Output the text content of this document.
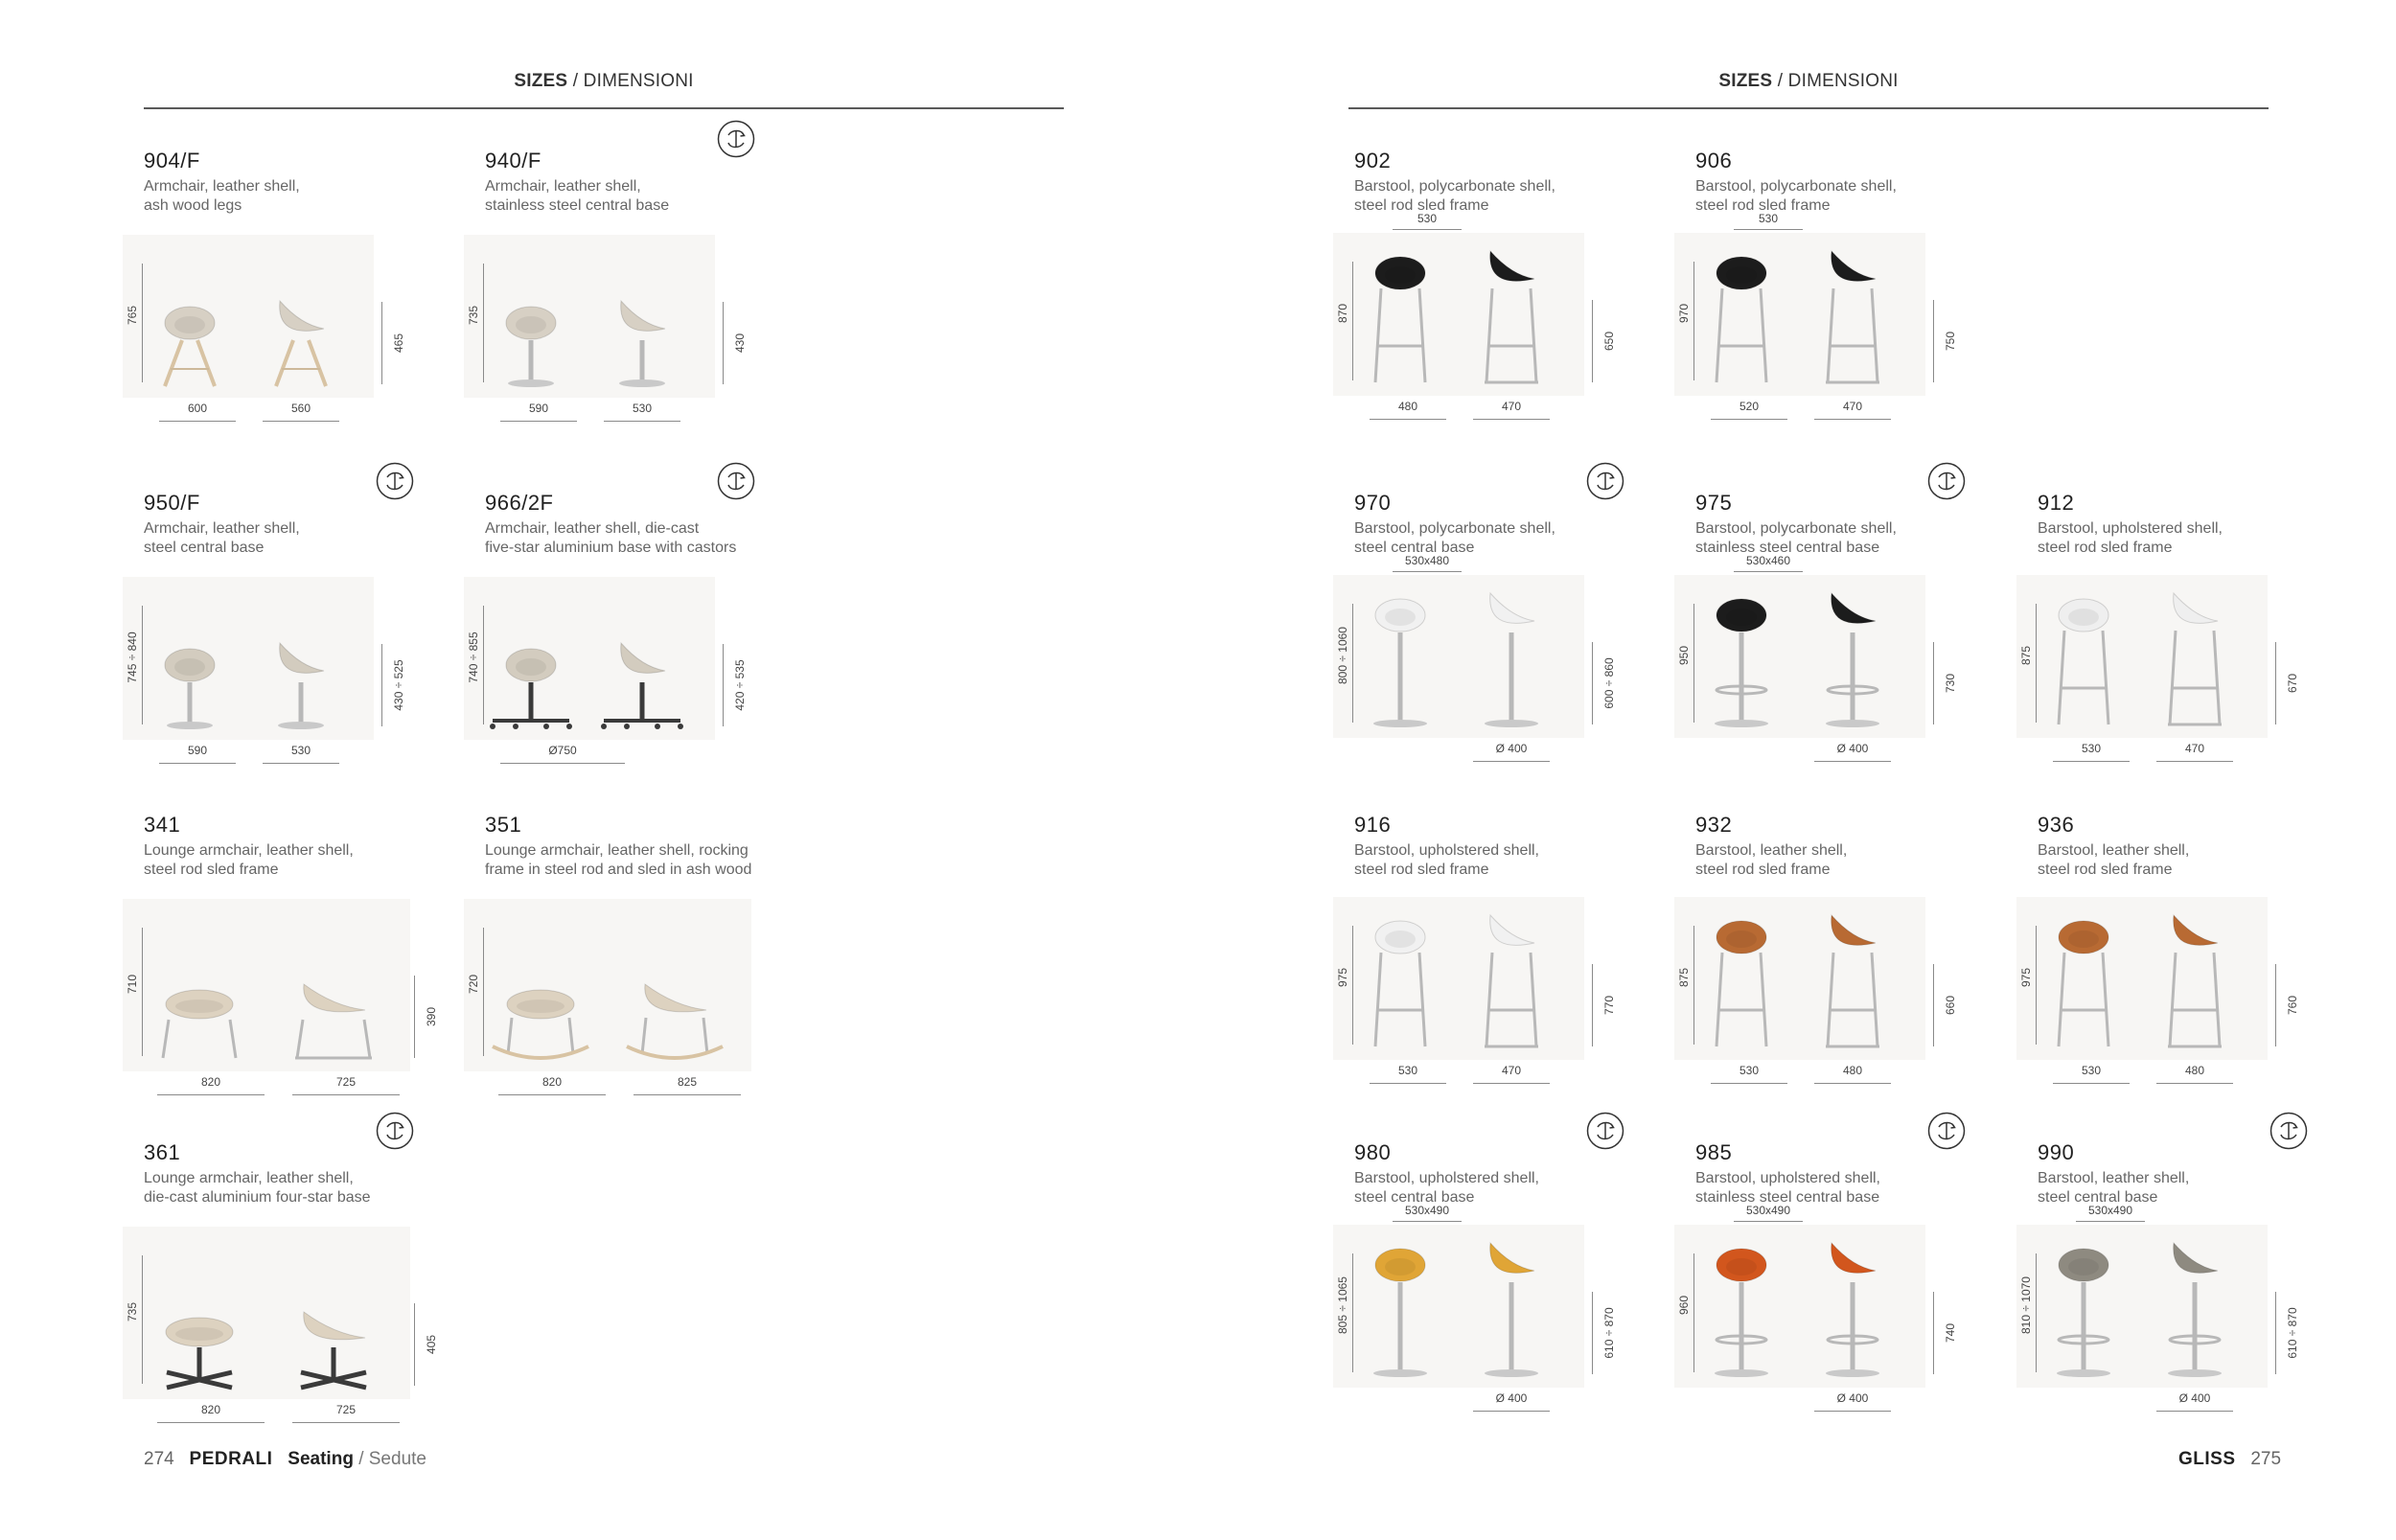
SIZES / DIMENSIONI
904/F
Armchair, leather shell,
ash wood legs
765
465
600	560
940/F
Armchair, leather shell,
stainless steel central base
735
430
590	530
950/F
Armchair, leather shell,
steel central base
745 ÷ 840
430 ÷ 525
590	530
966/2F
Armchair, leather shell, die-cast
five-star aluminium base with castors
740 ÷ 855
420 ÷ 535
Ø750
341
Lounge armchair, leather shell,
steel rod sled frame
710
390
820	725
351
Lounge armchair, leather shell, rocking
frame in steel rod and sled in ash wood
720
820	825
361
Lounge armchair, leather shell,
die-cast aluminium four-star base
735
405
820	725
274 PEDRALI Seating / Sedute
SIZES / DIMENSIONI
902
Barstool, polycarbonate shell,
steel rod sled frame
530
870
650
480	470
906
Barstool, polycarbonate shell,
steel rod sled frame
530
970
750
520	470
970
Barstool, polycarbonate shell,
steel central base
530x480
800 ÷ 1060	600 ÷ 860
Ø 400
975
Barstool, polycarbonate shell,
stainless steel central base
530x460
950
730
Ø 400
912
Barstool, upholstered shell,
steel rod sled frame
875
670
530	470
916
Barstool, upholstered shell,
steel rod sled frame
975
770
530	470
932
Barstool, leather shell,
steel rod sled frame
875
660
530	480
936
Barstool, leather shell,
steel rod sled frame
975
760
530	480
980
Barstool, upholstered shell,
steel central base
530x490
805 ÷ 1065	610 ÷ 870
Ø 400
985
Barstool, upholstered shell,
stainless steel central base
530x490
960
740
Ø 400
990
Barstool, leather shell,
steel central base
530x490
810 ÷ 1070	610 ÷ 870
Ø 400
GLISS 275
